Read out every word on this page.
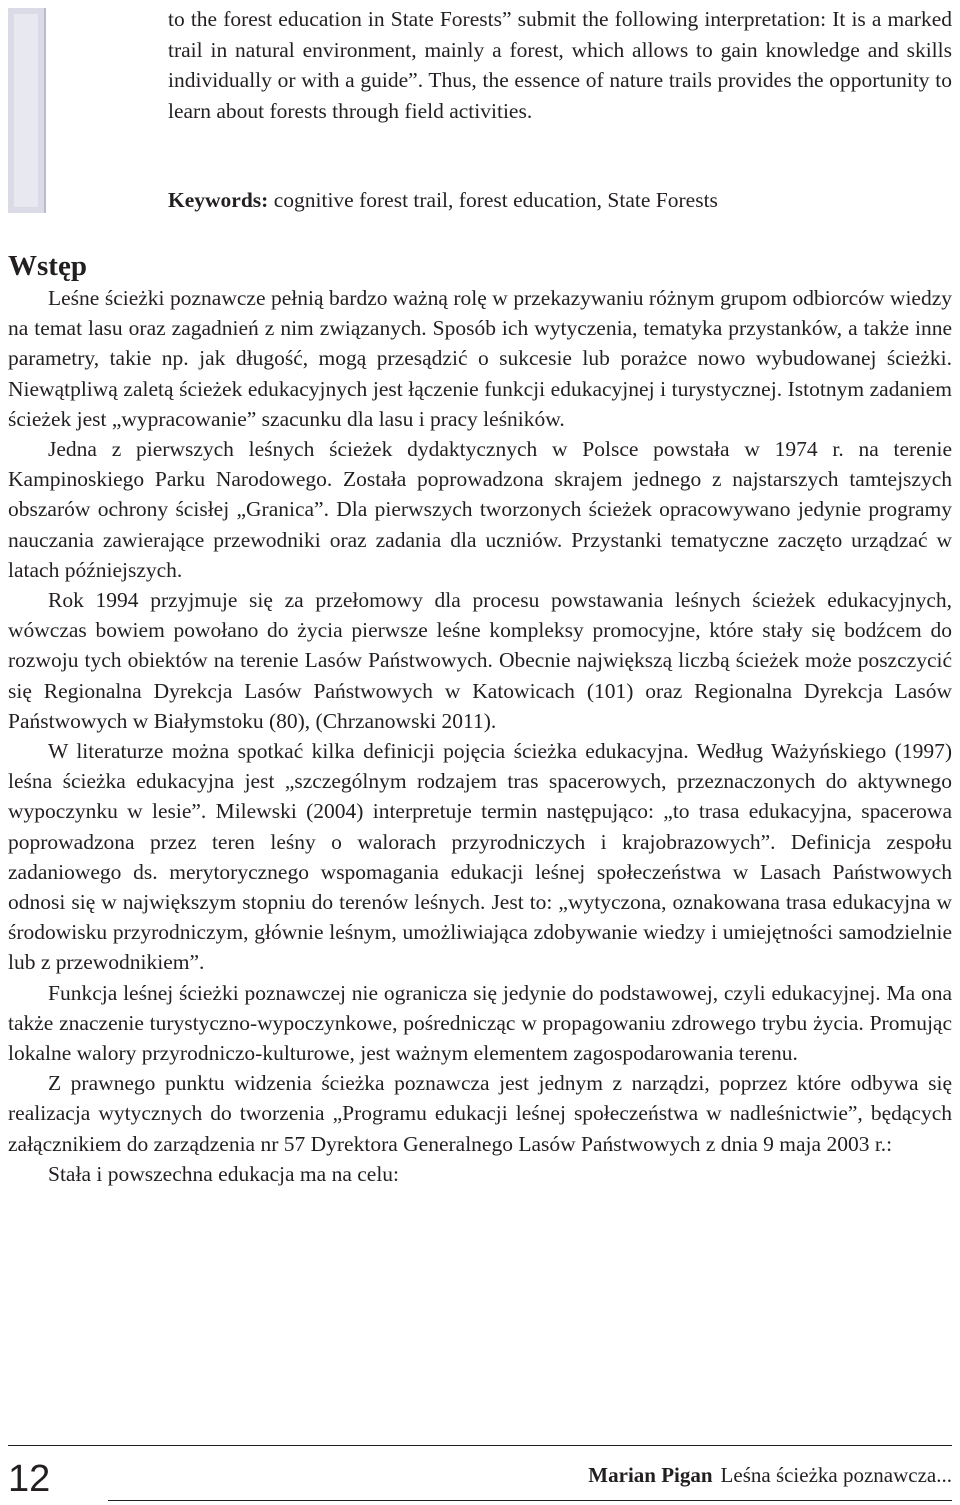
to the forest education in State Forests” submit the following interpretation: It is a marked trail in natural environment, mainly a forest, which allows to gain knowledge and skills individually or with a guide”. Thus, the essence of nature trails provides the opportunity to learn about forests through field activities.

Keywords: cognitive forest trail, forest education, State Forests
Wstęp

Leśne ścieżki poznawcze pełnią bardzo ważną rolę w przekazywaniu różnym grupom odbiorców wiedzy na temat lasu oraz zagadnień z nim związanych. Sposób ich wytyczenia, tematyka przystanków, a także inne parametry, takie np. jak długość, mogą przesądzić o sukcesie lub porażce nowo wybudowanej ścieżki. Niewątpliwą zaletą ścieżek edukacyjnych jest łączenie funkcji edukacyjnej i turystycznej. Istotnym zadaniem ścieżek jest „wypracowanie” szacunku dla lasu i pracy leśników.

Jedna z pierwszych leśnych ścieżek dydaktycznych w Polsce powstała w 1974 r. na terenie Kampinoskiego Parku Narodowego. Została poprowadzona skrajem jednego z najstarszych tamtejszych obszarów ochrony ścisłej „Granica”. Dla pierwszych tworzonych ścieżek opracowywano jedynie programy nauczania zawierające przewodniki oraz zadania dla uczniów. Przystanki tematyczne zaczęto urządzać w latach późniejszych.

Rok 1994 przyjmuje się za przełomowy dla procesu powstawania leśnych ścieżek edukacyjnych, wówczas bowiem powołano do życia pierwsze leśne kompleksy promocyjne, które stały się bodźcem do rozwoju tych obiektów na terenie Lasów Państwowych. Obecnie największą liczbą ścieżek może poszczycić się Regionalna Dyrekcja Lasów Państwowych w Katowicach (101) oraz Regionalna Dyrekcja Lasów Państwowych w Białymstoku (80), (Chrzanowski 2011).

W literaturze można spotkać kilka definicji pojęcia ścieżka edukacyjna. Według Ważyńskiego (1997) leśna ścieżka edukacyjna jest „szczególnym rodzajem tras spacerowych, przeznaczonych do aktywnego wypoczynku w lesie”. Milewski (2004) interpretuje termin następująco: „to trasa edukacyjna, spacerowa poprowadzona przez teren leśny o walorach przyrodniczych i krajobrazowych”. Definicja zespołu zadaniowego ds. merytorycznego wspomagania edukacji leśnej społeczeństwa w Lasach Państwowych odnosi się w największym stopniu do terenów leśnych. Jest to: „wytyczona, oznakowana trasa edukacyjna w środowisku przyrodniczym, głównie leśnym, umożliwiająca zdobywanie wiedzy i umiejętności samodzielnie lub z przewodnikiem”.

Funkcja leśnej ścieżki poznawczej nie ogranicza się jedynie do podstawowej, czyli edukacyjnej. Ma ona także znaczenie turystyczno-wypoczynkowe, pośrednicząc w propagowaniu zdrowego trybu życia. Promując lokalne walory przyrodniczo-kulturowe, jest ważnym elementem zagospodarowania terenu.

Z prawnego punktu widzenia ścieżka poznawcza jest jednym z narządzi, poprzez które odbywa się realizacja wytycznych do tworzenia „Programu edukacji leśnej społeczeństwa w nadleśnictwie”, będących załącznikiem do zarządzenia nr 57 Dyrektora Generalnego Lasów Państwowych z dnia 9 maja 2003 r.:

Stała i powszechna edukacja ma na celu:

12	Marian Pigan Leśna ścieżka poznawcza...
